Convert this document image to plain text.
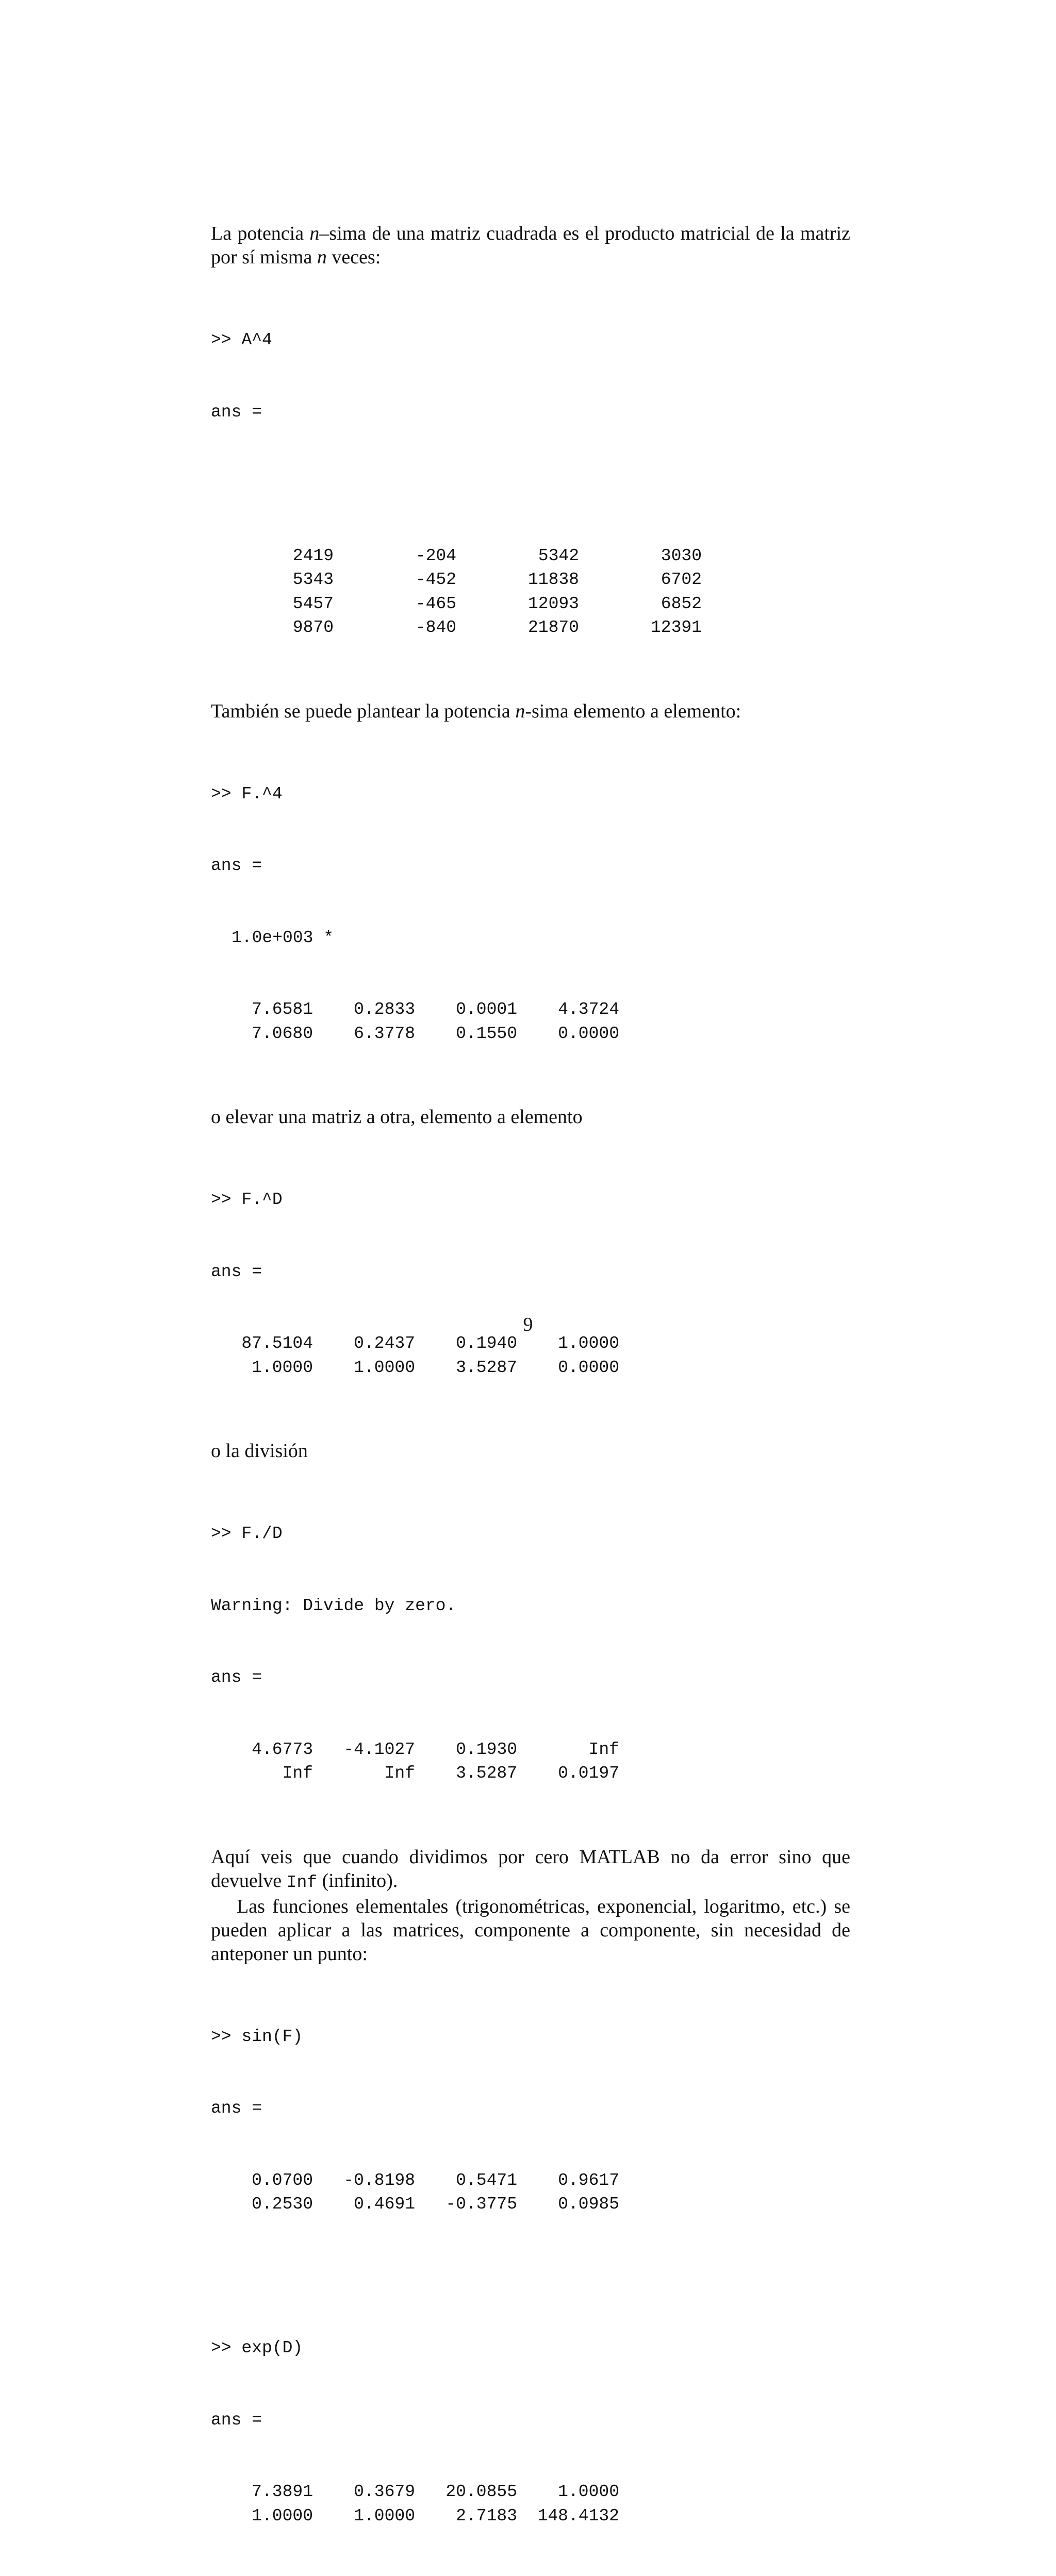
La potencia n–sima de una matriz cuadrada es el producto matricial de la matriz por sí misma n veces:

>> A^4

ans =

2419	-204	5342	3030
5343	-452	11838	6702
5457	-465	12093	6852
9870	-840	21870	12391

También se puede plantear la potencia n-sima elemento a elemento:

>> F.^4

ans =

1.0e+003 *

7.6581	0.2833	0.0001	4.3724
7.0680	6.3778	0.1550	0.0000

o elevar una matriz a otra, elemento a elemento

>> F.^D

ans =

87.5104	0.2437	0.1940	1.0000
1.0000	1.0000	3.5287	0.0000

o la división

>> F./D

Warning: Divide by zero.

ans =

4.6773	-4.1027	0.1930	Inf
Inf	Inf	3.5287	0.0197

Aquí veis que cuando dividimos por cero MATLAB no da error sino que devuelve Inf (infinito).

Las funciones elementales (trigonométricas, exponencial, logaritmo, etc.) se pueden aplicar a las matrices, componente a componente, sin necesidad de anteponer un punto:

>> sin(F)

ans =

0.0700	-0.8198	0.5471	0.9617
0.2530	0.4691	-0.3775	0.0985

>> exp(D)

ans =

7.3891	0.3679	20.0855	1.0000
1.0000	1.0000	2.7183	148.4132

9
